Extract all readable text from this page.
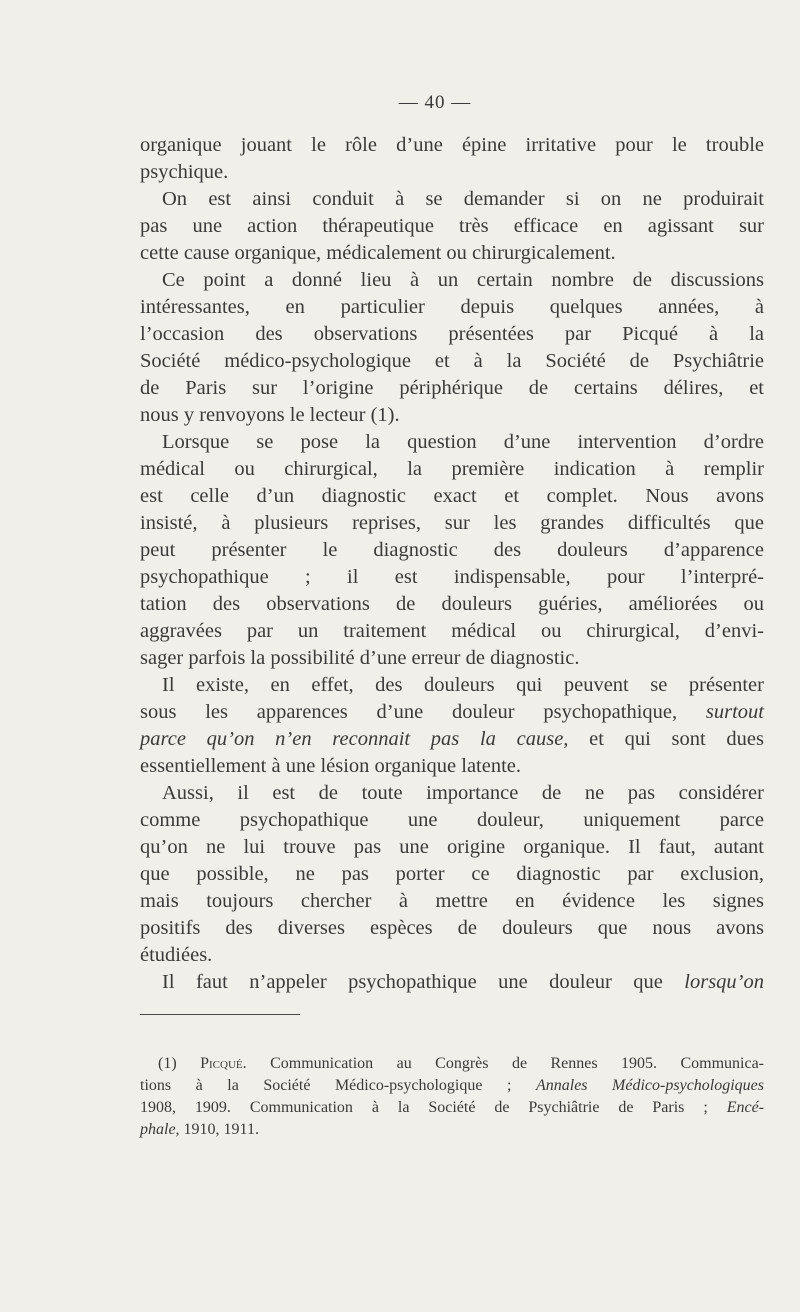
— 40 —
organique jouant le rôle d’une épine irritative pour le trouble
psychique.
On est ainsi conduit à se demander si on ne produirait
pas une action thérapeutique très efficace en agissant sur
cette cause organique, médicalement ou chirurgicalement.
Ce point a donné lieu à un certain nombre de discussions
intéressantes, en particulier depuis quelques années, à
l’occasion des observations présentées par Picqué à la
Société médico-psychologique et à la Société de Psychiâtrie
de Paris sur l’origine périphérique de certains délires, et
nous y renvoyons le lecteur (1).
Lorsque se pose la question d’une intervention d’ordre
médical ou chirurgical, la première indication à remplir
est celle d’un diagnostic exact et complet. Nous avons
insisté, à plusieurs reprises, sur les grandes difficultés que
peut présenter le diagnostic des douleurs d’apparence
psychopathique ; il est indispensable, pour l’interpré-
tation des observations de douleurs guéries, améliorées ou
aggravées par un traitement médical ou chirurgical, d’envi-
sager parfois la possibilité d’une erreur de diagnostic.
Il existe, en effet, des douleurs qui peuvent se présenter
sous les apparences d’une douleur psychopathique, surtout
parce qu’on n’en reconnait pas la cause, et qui sont dues
essentiellement à une lésion organique latente.
Aussi, il est de toute importance de ne pas considérer
comme psychopathique une douleur, uniquement parce
qu’on ne lui trouve pas une origine organique. Il faut, autant
que possible, ne pas porter ce diagnostic par exclusion,
mais toujours chercher à mettre en évidence les signes
positifs des diverses espèces de douleurs que nous avons
étudiées.
Il faut n’appeler psychopathique une douleur que lorsqu’on
(1) Picqué. Communication au Congrès de Rennes 1905. Communica-
tions à la Société Médico-psychologique ; Annales Médico-psychologiques
1908, 1909. Communication à la Société de Psychiâtrie de Paris ; Encé-
phale, 1910, 1911.
